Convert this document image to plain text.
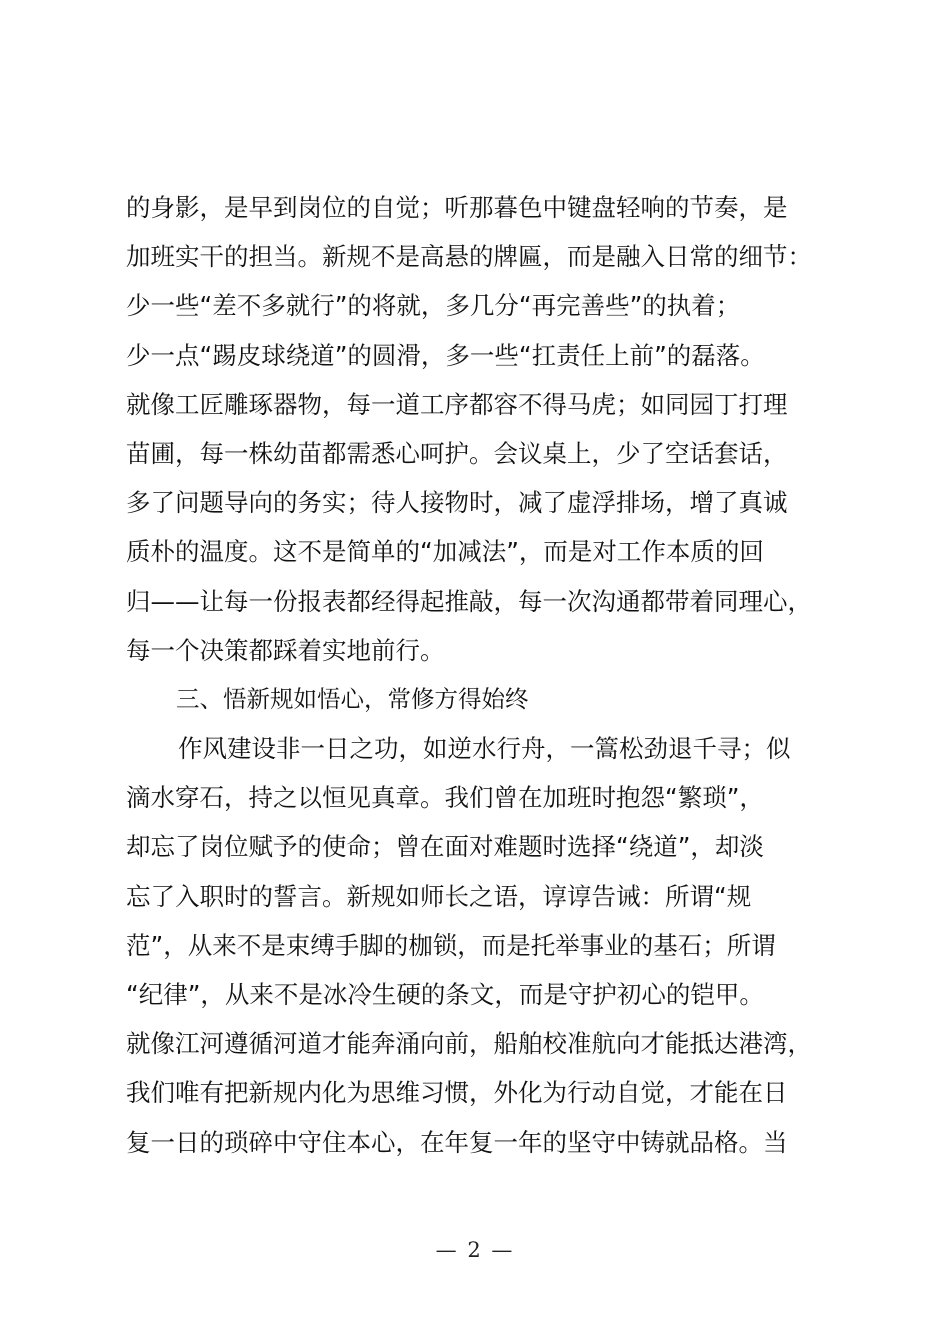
的身影，是早到岗位的自觉；听那暮色中键盘轻响的节奏，是
加班实干的担当。新规不是高悬的牌匾，而是融入日常的细节：
少一些“差不多就行”的将就，多几分“再完善些”的执着；
少一点“踢皮球绕道”的圆滑，多一些“扛责任上前”的磊落。
就像工匠雕琢器物，每一道工序都容不得马虎；如同园丁打理
苗圃，每一株幼苗都需悉心呵护。会议桌上，少了空话套话，
多了问题导向的务实；待人接物时，减了虚浮排场，增了真诚
质朴的温度。这不是简单的“加减法”，而是对工作本质的回
归——让每一份报表都经得起推敲，每一次沟通都带着同理心，
每一个决策都踩着实地前行。
三、悟新规如悟心，常修方得始终
作风建设非一日之功，如逆水行舟，一篙松劲退千寻；似
滴水穿石，持之以恒见真章。我们曾在加班时抱怨“繁琐”，
却忘了岗位赋予的使命；曾在面对难题时选择“绕道”，却淡
忘了入职时的誓言。新规如师长之语，谆谆告诫：所谓“规
范”，从来不是束缚手脚的枷锁，而是托举事业的基石；所谓
“纪律”，从来不是冰冷生硬的条文，而是守护初心的铠甲。
就像江河遵循河道才能奔涌向前，船舶校准航向才能抵达港湾，
我们唯有把新规内化为思维习惯，外化为行动自觉，才能在日
复一日的琐碎中守住本心，在年复一年的坚守中铸就品格。当
— 2 —
